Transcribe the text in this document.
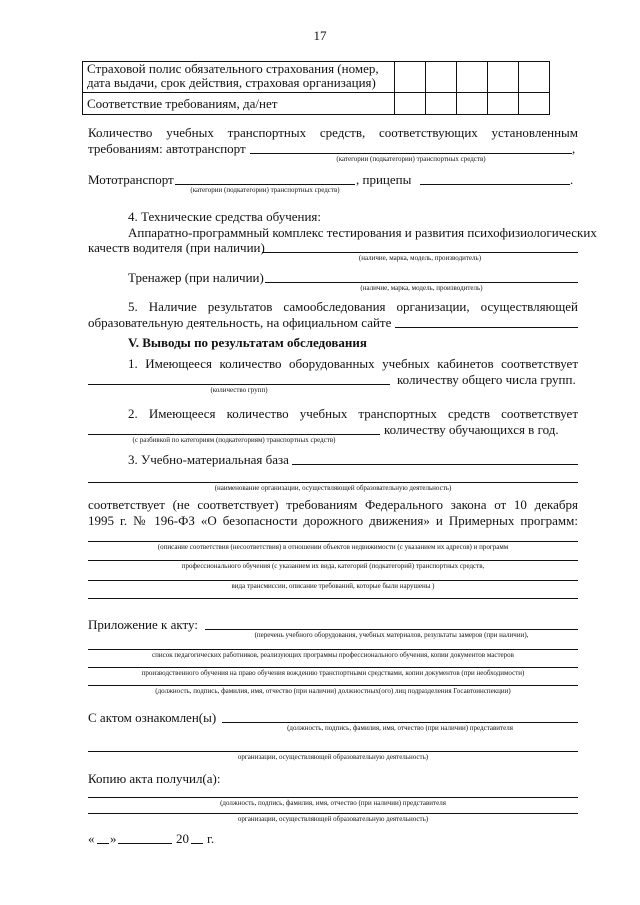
17
Страховой полис обязательного страхования (номер, дата выдачи, срок действия, страховая организация)					
Соответствие требованиям, да/нет					
Количество учебных транспортных средств, соответствующих установленным
требованиям: автотранспорт	,
(категории (подкатегории) транспортных средств)
Мототранспорт	, прицепы	.
(категории (подкатегории) транспортных средств)
4. Технические средства обучения:
Аппаратно-программный комплекс тестирования и развития психофизиологических
качеств водителя (при наличии)
(наличие, марка, модель, производитель)
Тренажер (при наличии)
(наличие, марка, модель, производитель)
5. Наличие результатов самообследования организации, осуществляющей
образовательную деятельность, на официальном сайте
V. Выводы по результатам обследования
1. Имеющееся количество оборудованных учебных кабинетов соответствует
количеству общего числа групп.
(количество групп)
2. Имеющееся количество учебных транспортных средств соответствует
количеству обучающихся в год.
(с разбивкой по категориям (подкатегориям) транспортных средств)
3. Учебно-материальная база
(наименование организации, осуществляющей образовательную деятельность)
соответствует (не соответствует) требованиям Федерального закона от 10 декабря
1995 г. № 196-ФЗ «О безопасности дорожного движения» и Примерных программ:
(описание соответствия (несоответствия) в отношении объектов недвижимости (с указанием их адресов) и программ
профессионального обучения (с указанием их вида, категорий (подкатегорий) транспортных средств,
вида трансмиссии, описание требований, которые были нарушены )
Приложение к акту:
(перечень учебного оборудования, учебных материалов, результаты замеров (при наличии),
список педагогических работников, реализующих программы профессионального обучения, копии документов мастеров
производственного обучения на право обучения вождению транспортными средствами, копии документов (при необходимости)
(должность, подпись, фамилия, имя, отчество (при наличии) должностных(ого) лиц подразделения Госавтоинспекции)
С актом ознакомлен(ы)
(должность, подпись, фамилия, имя, отчество (при наличии) представителя
организации, осуществляющей образовательную деятельность)
Копию акта получил(а):
(должность, подпись, фамилия, имя, отчество (при наличии) представителя
организации, осуществляющей образовательную деятельность)
« »	20 г.
